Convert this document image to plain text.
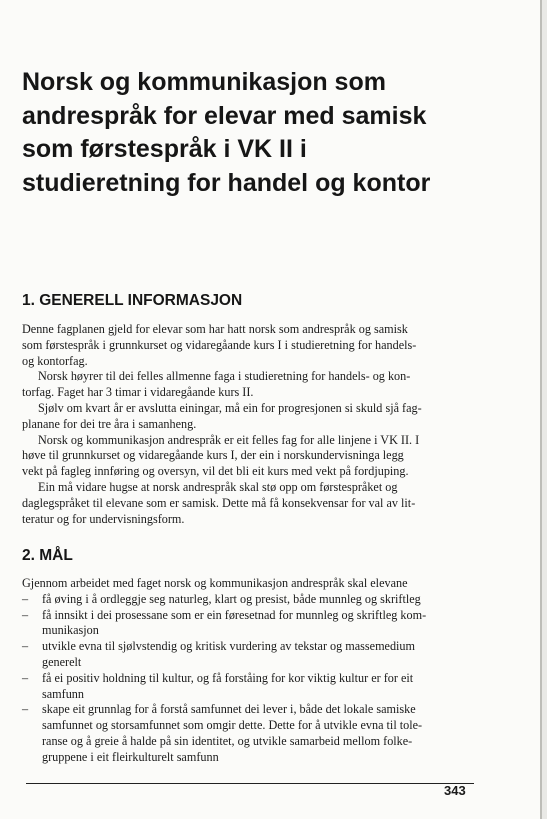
Norsk og kommunikasjon som
andrespråk for elevar med samisk
som førstespråk i VK II i
studieretning for handel og kontor
1. GENERELL INFORMASJON
Denne fagplanen gjeld for elevar som har hatt norsk som andrespråk og samisk
som førstespråk i grunnkurset og vidaregåande kurs I i studieretning for handels-
og kontorfag.
Norsk høyrer til dei felles allmenne faga i studieretning for handels- og kon-
torfag. Faget har 3 timar i vidaregåande kurs II.
Sjølv om kvart år er avslutta einingar, må ein for progresjonen si skuld sjå fag-
planane for dei tre åra i samanheng.
Norsk og kommunikasjon andrespråk er eit felles fag for alle linjene i VK II. I
høve til grunnkurset og vidaregåande kurs I, der ein i norskundervisninga legg
vekt på fagleg innføring og oversyn, vil det bli eit kurs med vekt på fordjuping.
Ein må vidare hugse at norsk andrespråk skal stø opp om førstespråket og
daglegspråket til elevane som er samisk. Dette må få konsekvensar for val av lit-
teratur og for undervisningsform.
2. MÅL
Gjennom arbeidet med faget norsk og kommunikasjon andrespråk skal elevane
– få øving i å ordleggje seg naturleg, klart og presist, både munnleg og skriftleg
– få innsikt i dei prosessane som er ein føresetnad for munnleg og skriftleg kom-
munikasjon
– utvikle evna til sjølvstendig og kritisk vurdering av tekstar og massemedium
generelt
– få ei positiv holdning til kultur, og få forståing for kor viktig kultur er for eit
samfunn
– skape eit grunnlag for å forstå samfunnet dei lever i, både det lokale samiske
samfunnet og storsamfunnet som omgir dette. Dette for å utvikle evna til tole-
ranse og å greie å halde på sin identitet, og utvikle samarbeid mellom folke-
gruppene i eit fleirkulturelt samfunn
343
